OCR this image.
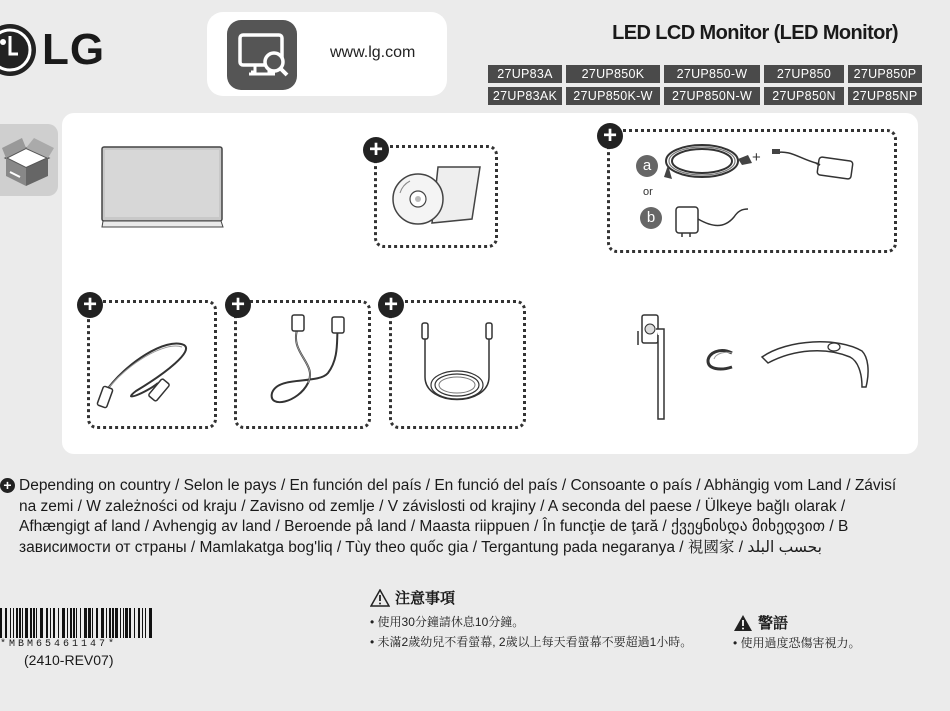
LG	www.lg.com
LED LCD Monitor (LED Monitor)
27UP83A	27UP850K	27UP850-W	27UP850	27UP850P
27UP83AK	27UP850K-W	27UP850N-W	27UP850N	27UP85NP
+
+
a
or
b
+
+	+	+
+ Depending on country / Selon le pays / En función del país / En funció del país / Consoante o país / Abhängig vom Land / Závisí na zemi / W zależności od kraju / Zavisno od zemlje / V závislosti od krajiny / A seconda del paese / Ülkeye bağlı olarak / Afhængigt af land / Avhengig av land / Beroende på land / Maasta riippuen / În funcţie de ţară / ქვეყნისდა მიხედვით / В зависимости от страны / Mamlakatga bog'liq / Tùy theo quốc gia / Tergantung pada negaranya / 視國家 / بحسب البلد
*MBM65461147*
(2410-REV07)
注意事項
• 使用30分鐘請休息10分鐘。
• 未滿2歲幼兒不看螢幕, 2歲以上每天看螢幕不要超過1小時。
警語
• 使用過度恐傷害視力。
